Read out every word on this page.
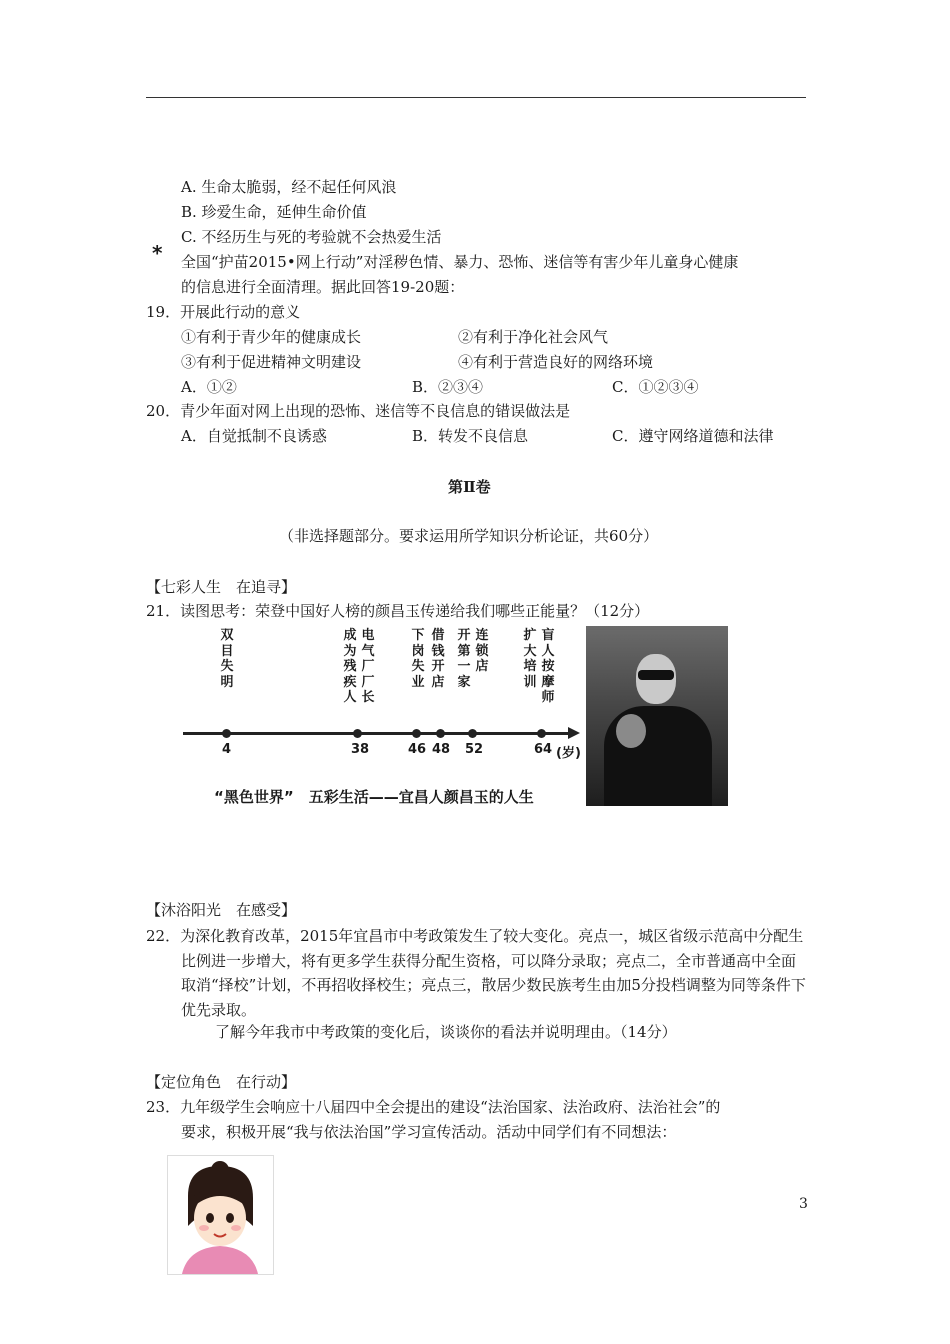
A. 生命太脆弱，经不起任何风浪
B. 珍爱生命，延伸生命价值
C. 不经历生与死的考验就不会热爱生活
* 全国“护苗2015•网上行动”对淫秽色情、暴力、恐怖、迷信等有害少年儿童身心健康
的信息进行全面清理。据此回答19-20题：
19．开展此行动的意义
①有利于青少年的健康成长	②有利于净化社会风气
③有利于促进精神文明建设	④有利于营造良好的网络环境
A．①②	B．②③④	C．①②③④
20．青少年面对网上出现的恐怖、迷信等不良信息的错误做法是
A．自觉抵制不良诱惑	B．转发不良信息	C．遵守网络道德和法律
第Ⅱ卷
（非选择题部分。要求运用所学知识分析论证，共60分）
【七彩人生　在追寻】
21．读图思考：荣登中国好人榜的颜昌玉传递给我们哪些正能量？（12分）
双目失明
成为残疾人
电气厂厂长
下岗失业
借钱开店
开第一家
连锁店
扩大培训
盲人按摩师
4	38	46 48 52	64 (岁)
“黑色世界”　五彩生活——宜昌人颜昌玉的人生
【沐浴阳光　在感受】
22．为深化教育改革，2015年宜昌市中考政策发生了较大变化。亮点一，城区省级示范高中分配生比例进一步增大，将有更多学生获得分配生资格，可以降分录取；亮点二，全市普通高中全面取消“择校”计划，不再招收择校生；亮点三，散居少数民族考生由加5分投档调整为同等条件下优先录取。
了解今年我市中考政策的变化后，谈谈你的看法并说明理由。（14分）
【定位角色　在行动】
23．九年级学生会响应十八届四中全会提出的建设“法治国家、法治政府、法治社会”的
要求，积极开展“我与依法治国”学习宣传活动。活动中同学们有不同想法：
3
